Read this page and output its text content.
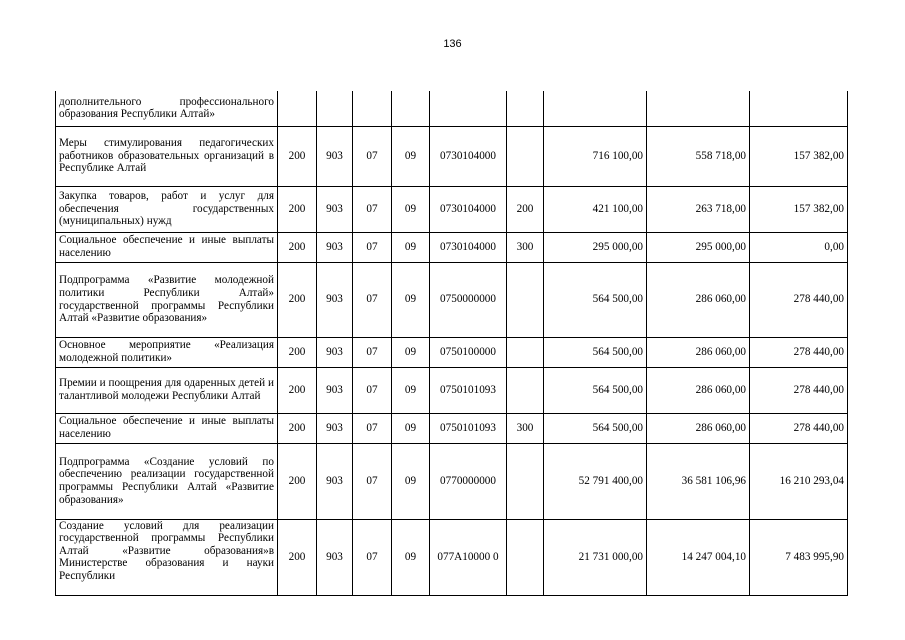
136
дополнительного профессионального образования Республики Алтай»									
Меры стимулирования педагогических работников образовательных организаций в Республике Алтай	200	903	07	09	0730104000		716 100,00	558 718,00	157 382,00
Закупка товаров, работ и услуг для обеспечения государственных (муниципальных) нужд	200	903	07	09	0730104000	200	421 100,00	263 718,00	157 382,00
Социальное обеспечение и иные выплаты населению	200	903	07	09	0730104000	300	295 000,00	295 000,00	0,00
Подпрограмма «Развитие молодежной политики Республики Алтай» государственной программы Республики Алтай «Развитие образования»	200	903	07	09	0750000000		564 500,00	286 060,00	278 440,00
Основное мероприятие «Реализация молодежной политики»	200	903	07	09	0750100000		564 500,00	286 060,00	278 440,00
Премии и поощрения для одаренных детей и талантливой молодежи Республики Алтай	200	903	07	09	0750101093		564 500,00	286 060,00	278 440,00
Социальное обеспечение и иные выплаты населению	200	903	07	09	0750101093	300	564 500,00	286 060,00	278 440,00
Подпрограмма «Создание условий по обеспечению реализации государственной программы Республики Алтай «Развитие образования»	200	903	07	09	0770000000		52 791 400,00	36 581 106,96	16 210 293,04
Создание условий для реализации государственной программы Республики Алтай «Развитие образования»в Министерстве образования и науки Республики	200	903	07	09	077A10000 0		21 731 000,00	14 247 004,10	7 483 995,90
